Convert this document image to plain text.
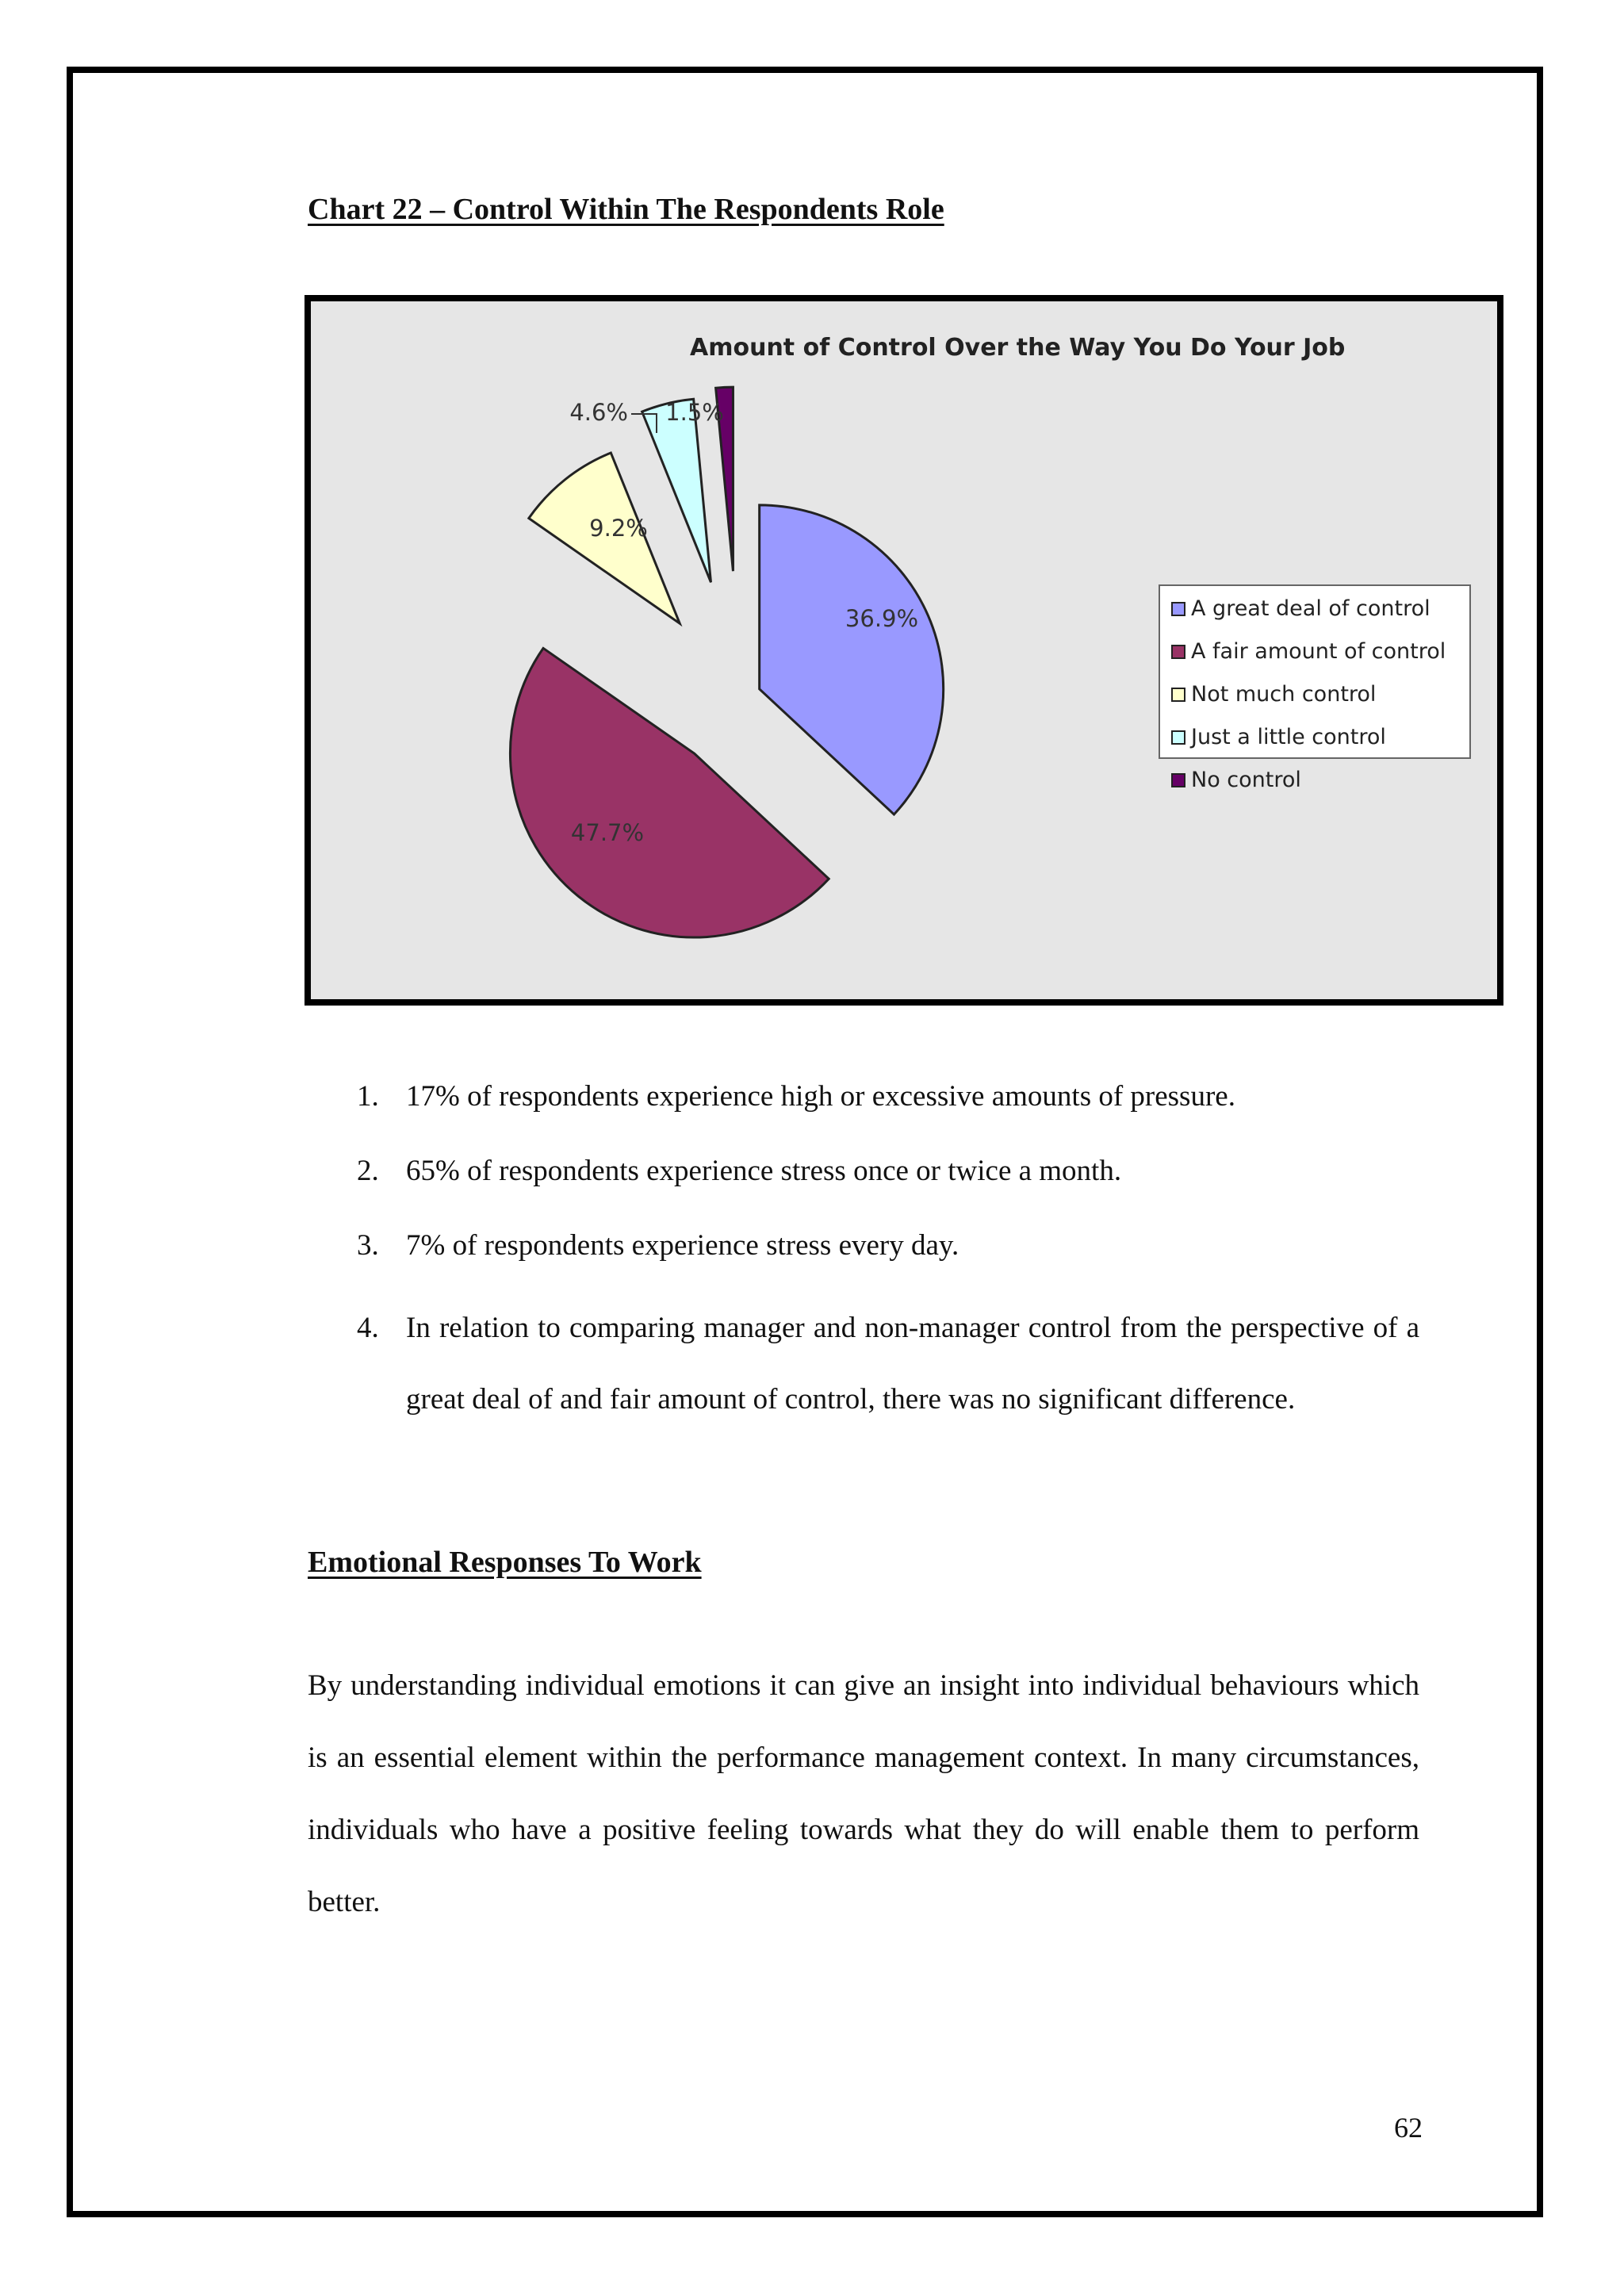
Chart 22 – Control Within The Respondents Role
Amount of Control Over the Way You Do Your Job
36.9%
47.7%
9.2%
4.6% 1.5%
A great deal of control
A fair amount of control
Not much control
Just a little control
No control
1. 17% of respondents experience high or excessive amounts of pressure.
2. 65% of respondents experience stress once or twice a month.
3. 7% of respondents experience stress every day.
4. In relation to comparing manager and non-manager control from the perspective of a great deal of and fair amount of control, there was no significant difference.
Emotional Responses To Work
By understanding individual emotions it can give an insight into individual behaviours which is an essential element within the performance management context. In many circumstances, individuals who have a positive feeling towards what they do will enable them to perform better.
62
